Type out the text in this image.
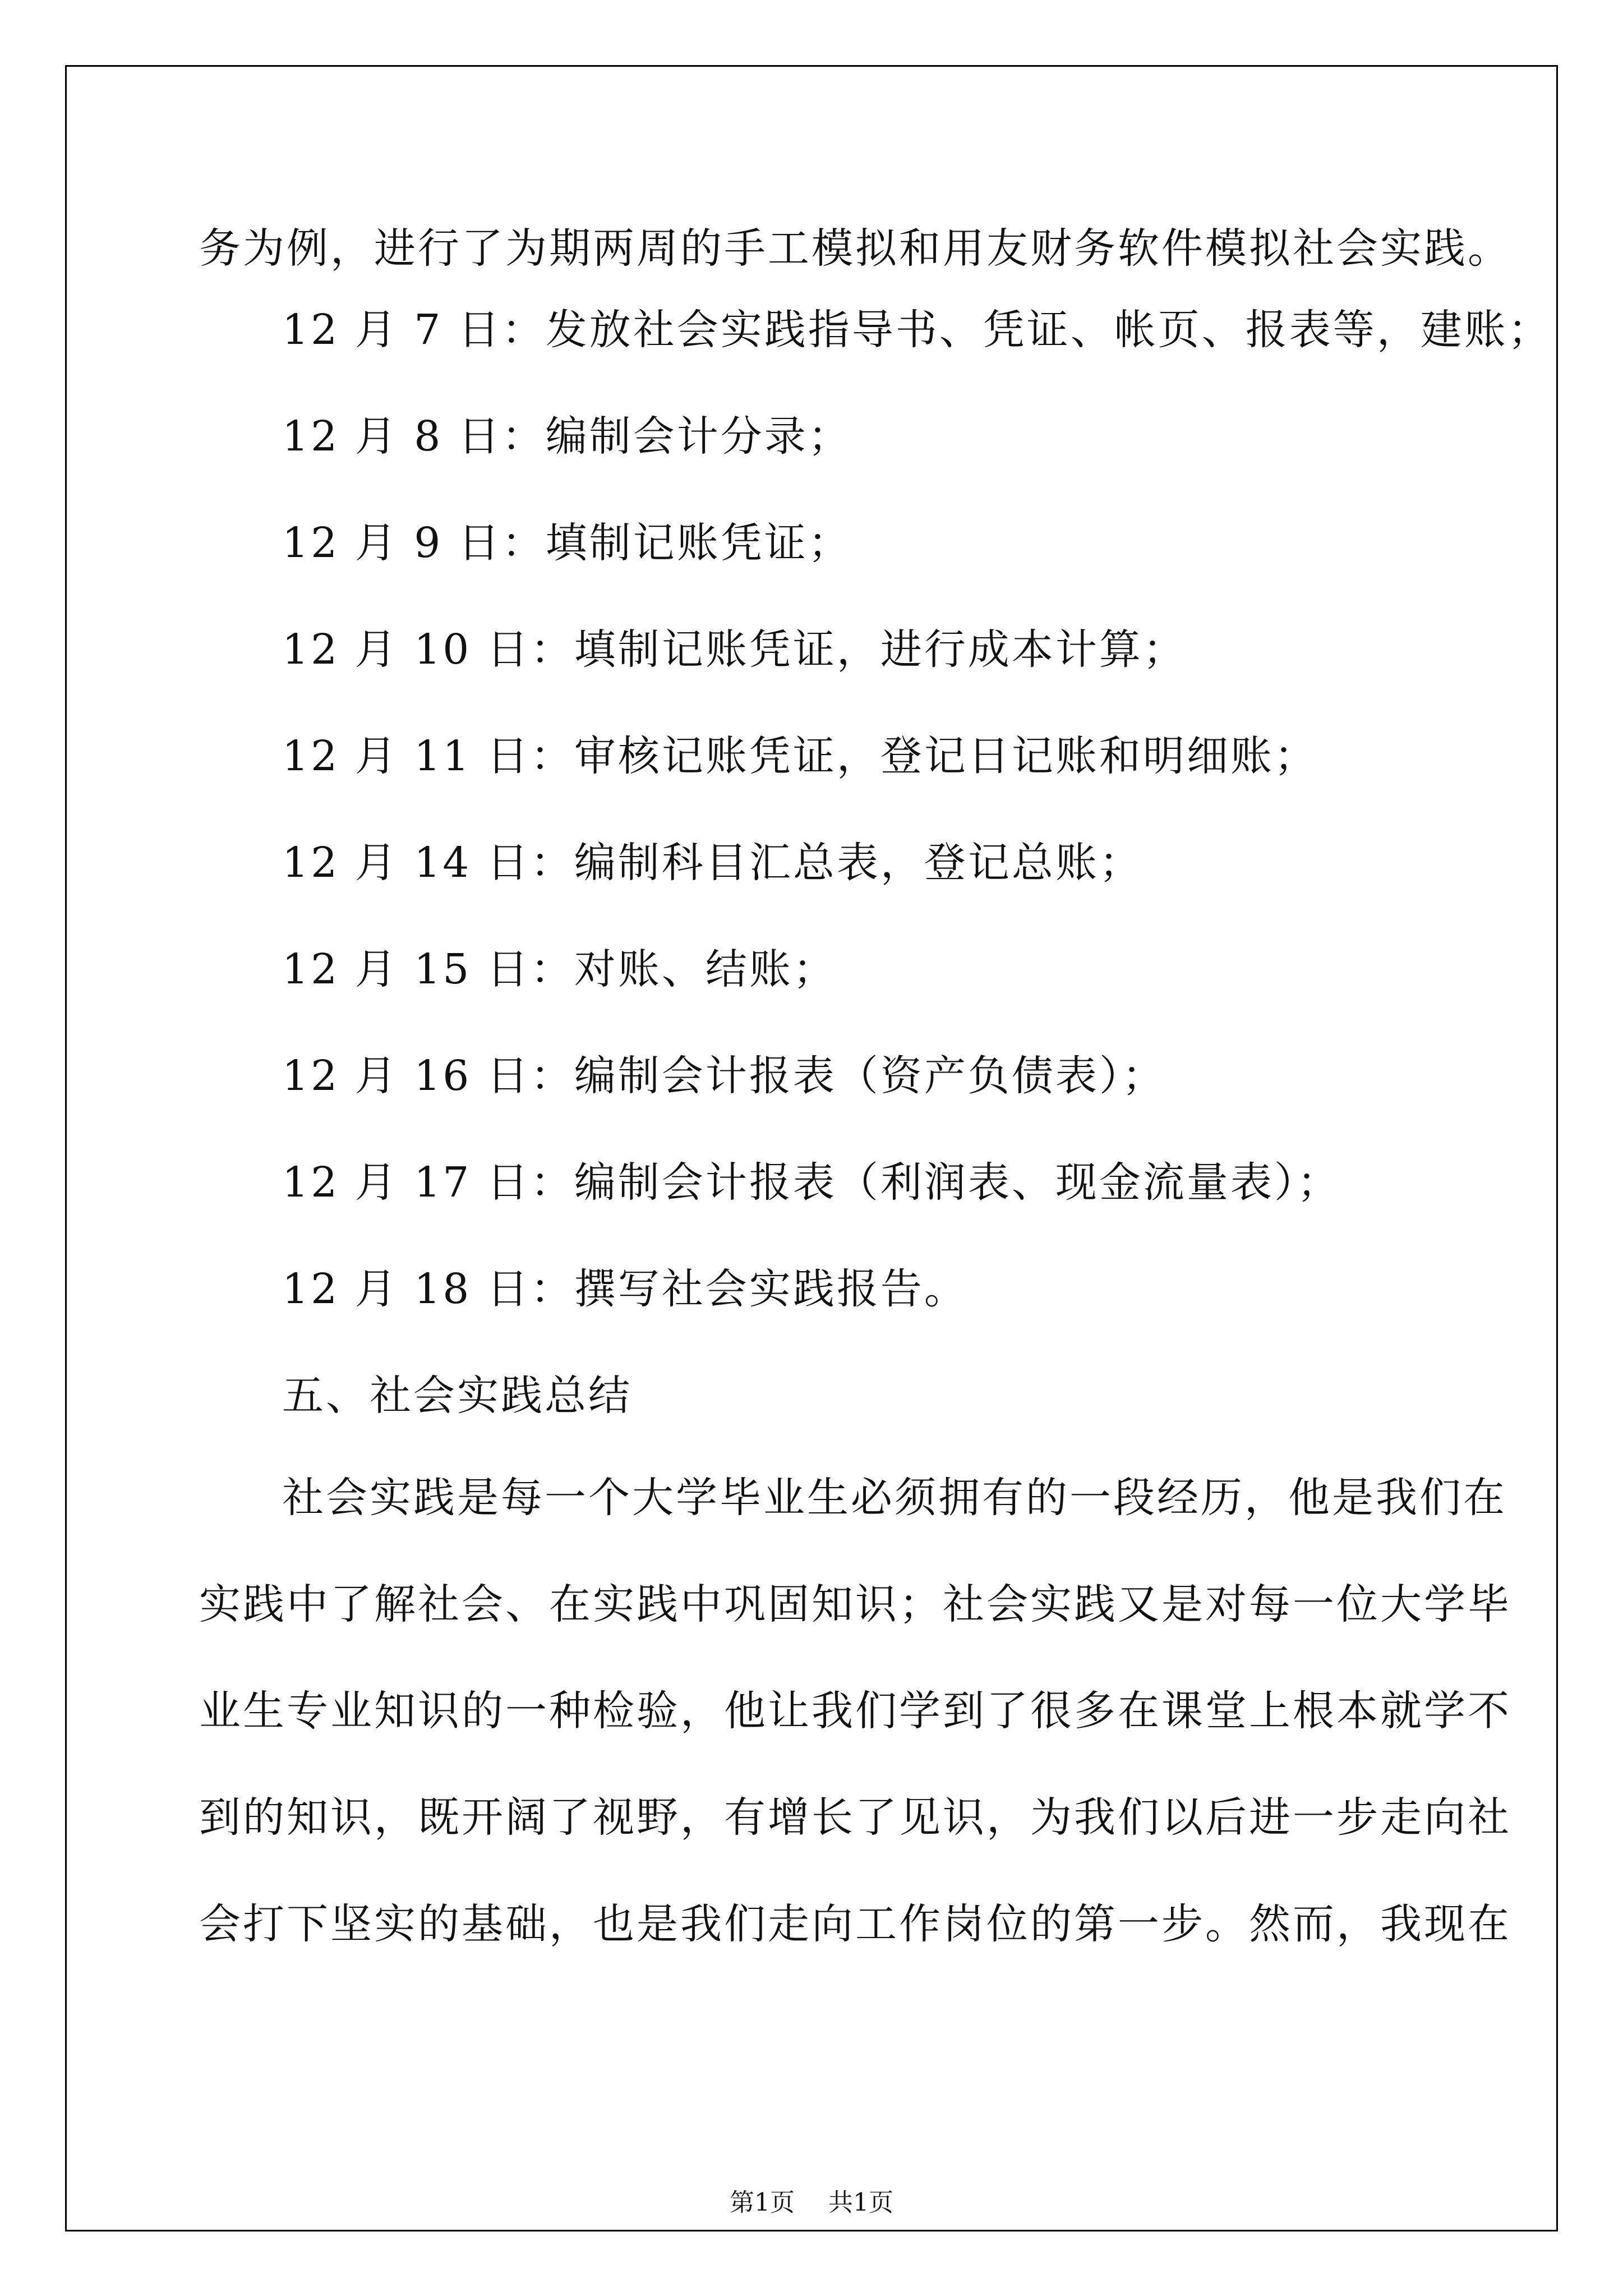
务为例，进行了为期两周的手工模拟和用友财务软件模拟社会实践。

12 月 7 日：发放社会实践指导书、凭证、帐页、报表等，建账；

12 月 8 日：编制会计分录；

12 月 9 日：填制记账凭证；

12 月 10 日：填制记账凭证，进行成本计算；

12 月 11 日：审核记账凭证，登记日记账和明细账；

12 月 14 日：编制科目汇总表，登记总账；

12 月 15 日：对账、结账；

12 月 16 日：编制会计报表（资产负债表）；

12 月 17 日：编制会计报表（利润表、现金流量表）；

12 月 18 日：撰写社会实践报告。

五、社会实践总结

社会实践是每一个大学毕业生必须拥有的一段经历，他是我们在
实践中了解社会、在实践中巩固知识；社会实践又是对每一位大学毕
业生专业知识的一种检验，他让我们学到了很多在课堂上根本就学不
到的知识，既开阔了视野，有增长了见识，为我们以后进一步走向社
会打下坚实的基础，也是我们走向工作岗位的第一步。然而，我现在
第1页 共1页
